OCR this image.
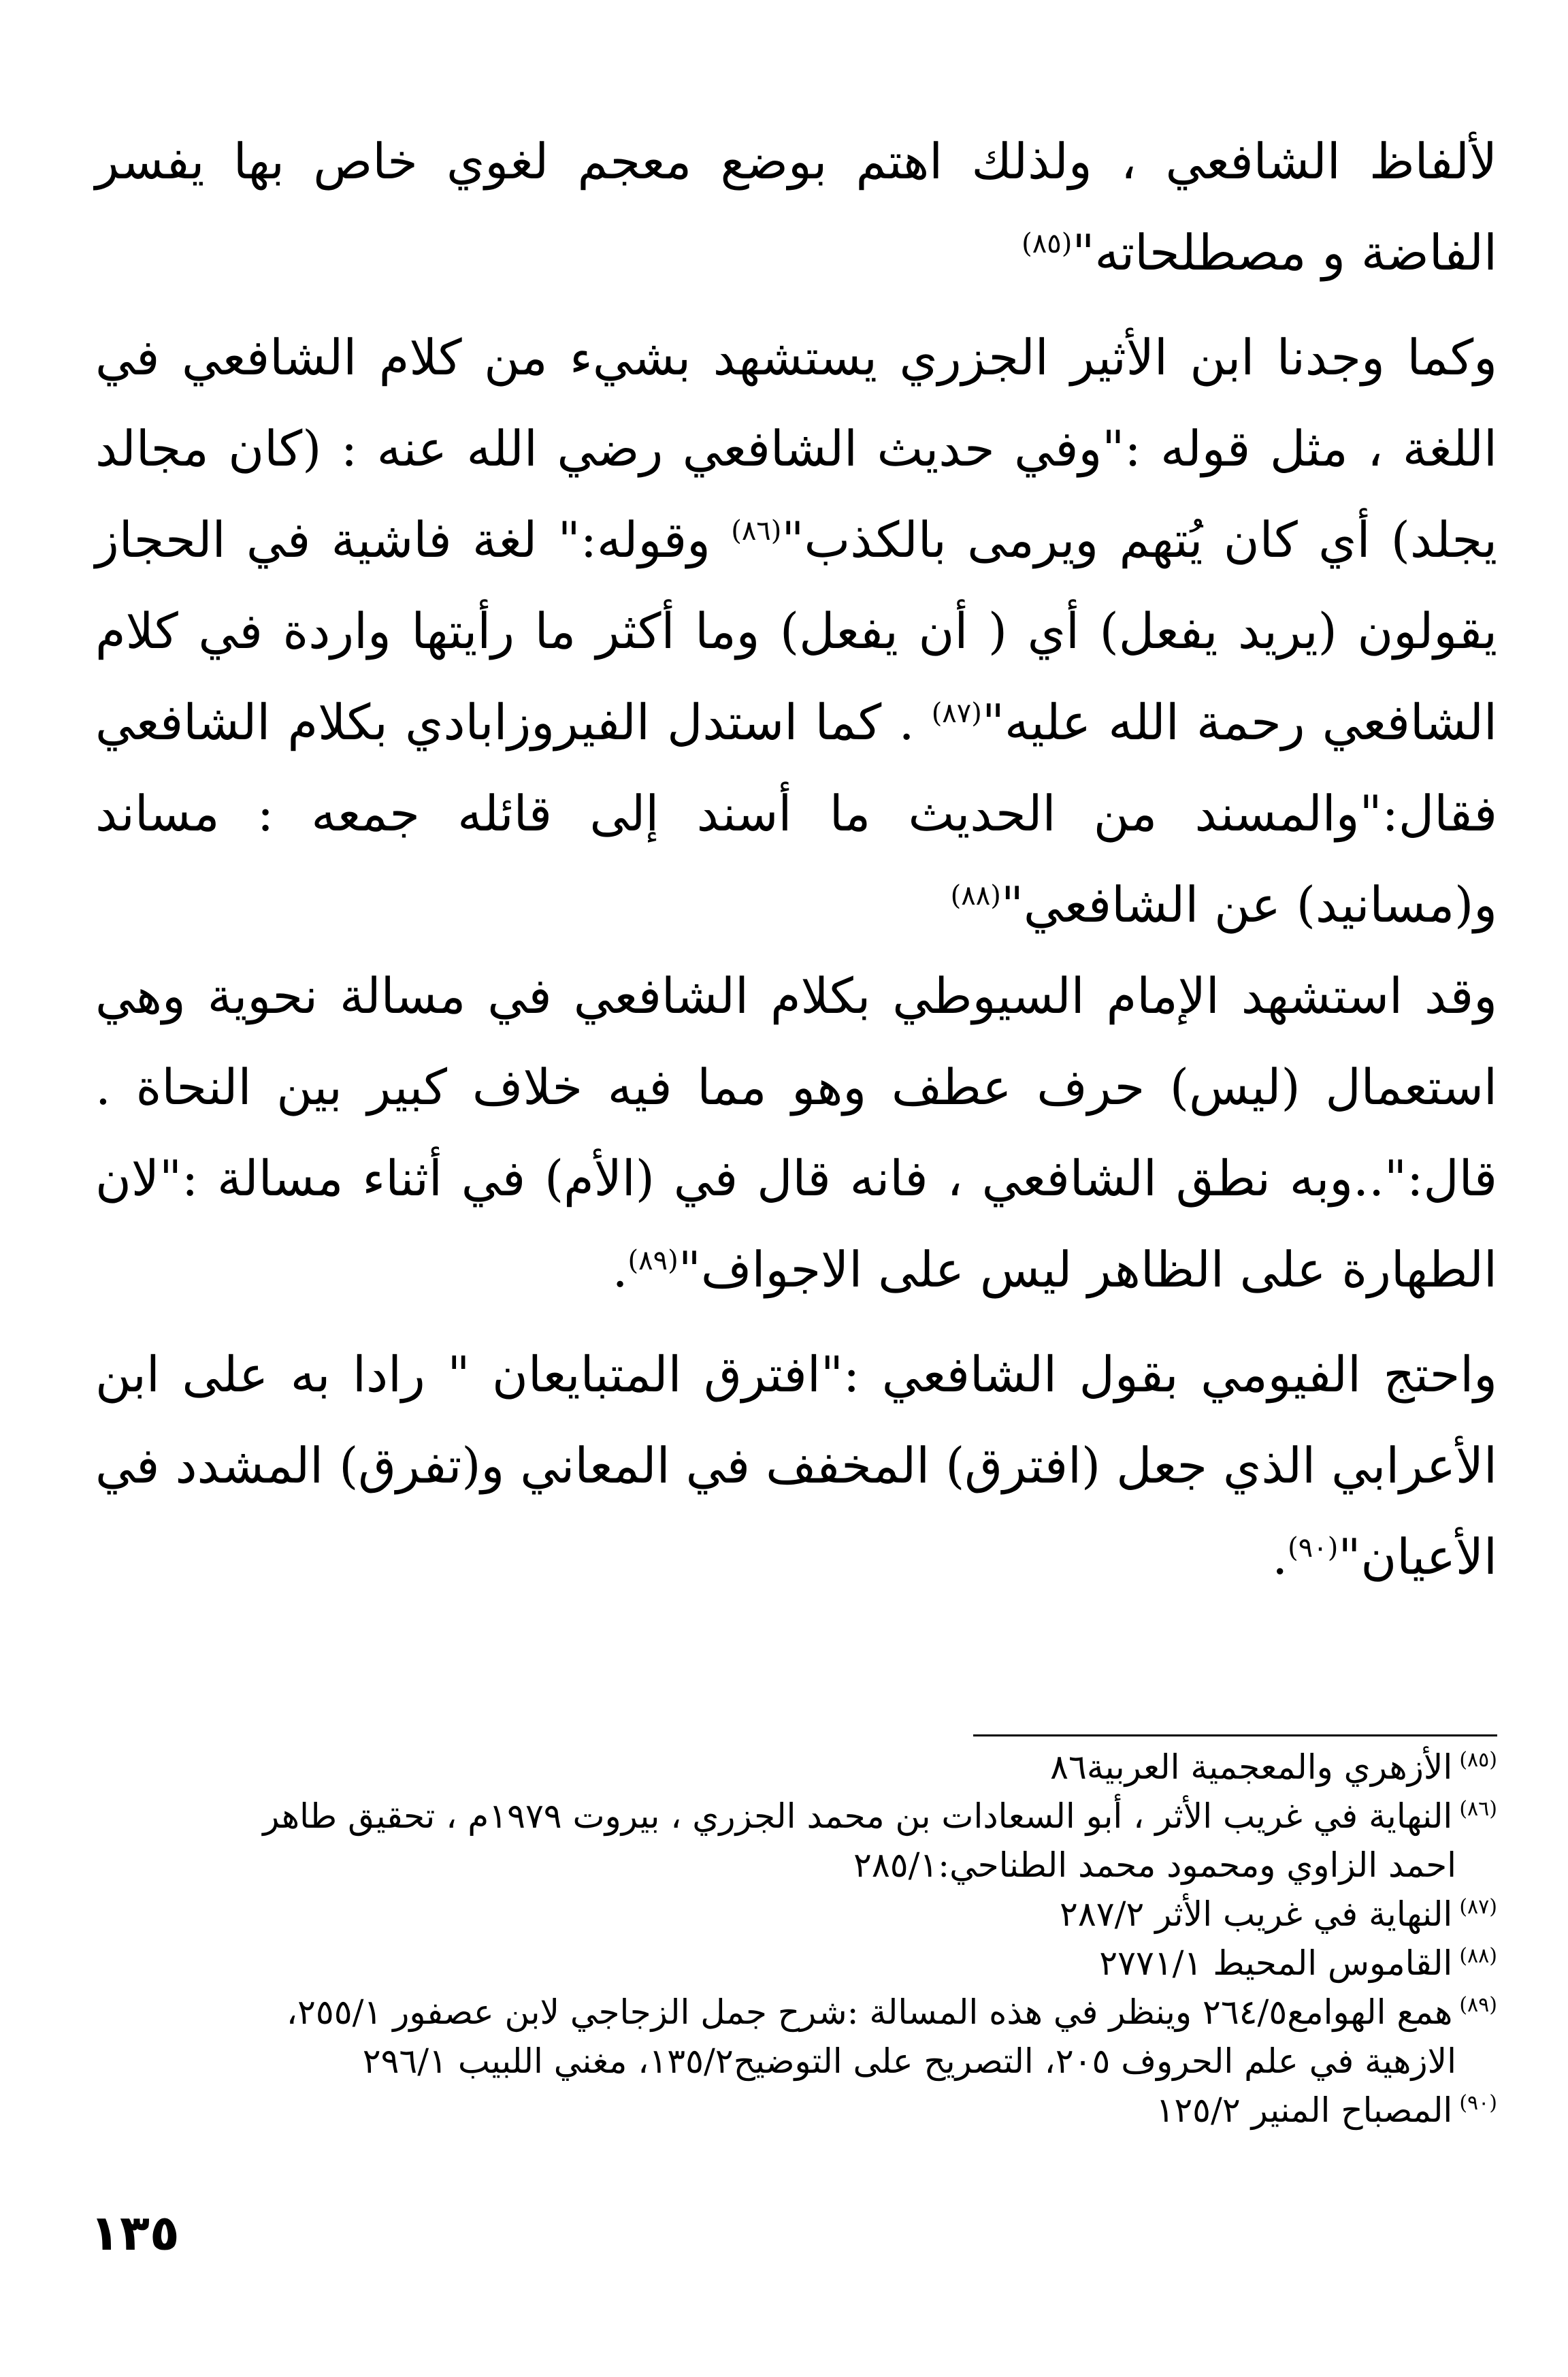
لألفاظ الشافعي ، ولذلك اهتم بوضع معجم لغوي خاص بها يفسر الفاضة و مصطلحاته"$^{(٨٥)}$

وكما وجدنا ابن الأثير الجزري يستشهد بشيء من كلام الشافعي في اللغة ، مثل قوله :"وفي حديث الشافعي رضي الله عنه : (كان مجالد يجلد) أي كان يُتهم ويرمى بالكذب"$^{(٨٦)}$ وقوله:" لغة فاشية في الحجاز يقولون (يريد يفعل) أي ( أن يفعل) وما أكثر ما رأيتها واردة في كلام الشافعي رحمة الله عليه"$^{(٨٧)}$ . كما استدل الفيروزابادي بكلام الشافعي فقال:"والمسند من الحديث ما أسند إلى قائله جمعه : مساند و(مسانيد) عن الشافعي"$^{(٨٨)}$

وقد استشهد الإمام السيوطي بكلام الشافعي في مسالة نحوية وهي استعمال (ليس) حرف عطف وهو مما فيه خلاف كبير بين النحاة . قال:"..وبه نطق الشافعي ، فانه قال في (الأم) في أثناء مسالة :"لان الطهارة على الظاهر ليس على الاجواف"$^{(٨٩)}$.

واحتج الفيومي بقول الشافعي :"افترق المتبايعان " رادا به على ابن الأعرابي الذي جعل (افترق) المخفف في المعاني و(تفرق) المشدد في الأعيان"$^{(٩٠)}$.

$^{(٨٥)}$الأزهري والمعجمية العربية٨٦

$^{(٨٦)}$النهاية في غريب الأثر ، أبو السعادات بن محمد الجزري ، بيروت ١٩٧٩م ، تحقيق طاهر

احمد الزاوي ومحمود محمد الطناحي:٢٨٥/١

$^{(٨٧)}$النهاية في غريب الأثر ٢٨٧/٢

$^{(٨٨)}$القاموس المحيط ٢٧٧١/١

$^{(٨٩)}$همع الهوامع٢٦٤/٥ وينظر في هذه المسالة :شرح جمل الزجاجي لابن عصفور ٢٥٥/١،

الازهية في علم الحروف ٢٠٥، التصريح على التوضيح١٣٥/٢، مغني اللبيب ٢٩٦/١

$^{(٩٠)}$المصباح المنير ١٢٥/٢

١٣٥
